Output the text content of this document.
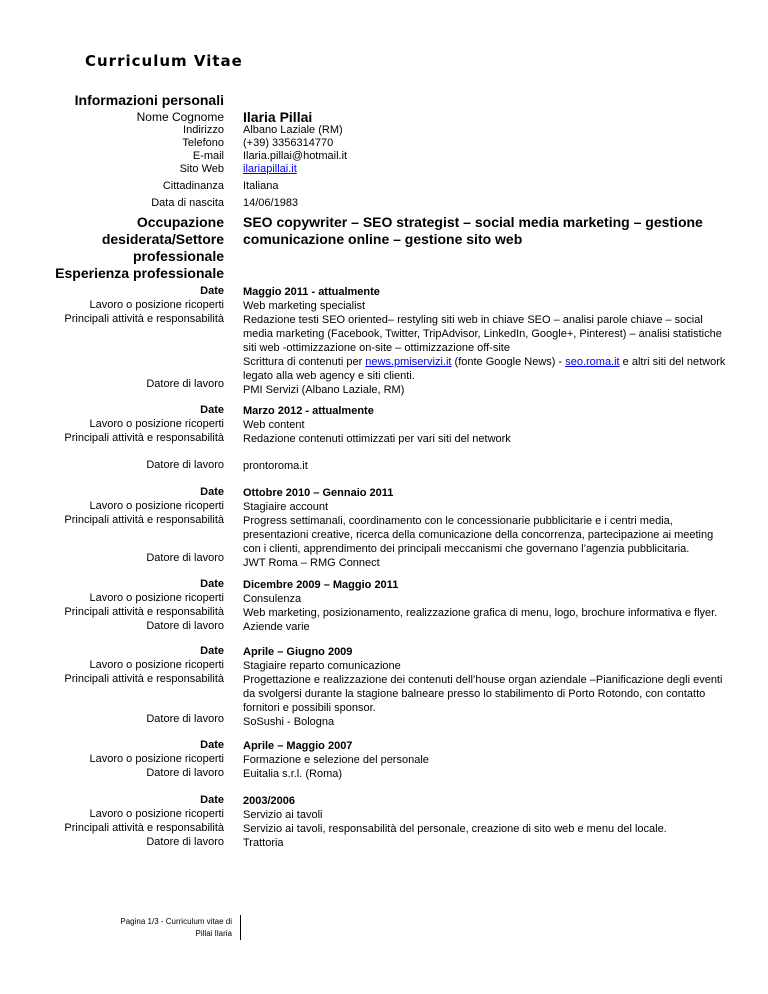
Curriculum Vitae
Informazioni personali
Nome Cognome Ilaria Pillai
Indirizzo Albano Laziale (RM)
Telefono (+39) 3356314770
E-mail Ilaria.pillai@hotmail.it
Sito Web ilariapillai.it
Cittadinanza Italiana
Data di nascita 14/06/1983
Occupazione
desiderata/Settore
professionale
SEO copywriter – SEO strategist – social media marketing – gestione
comunicazione online – gestione sito web
Esperienza professionale
Date
Lavoro o posizione ricoperti
Principali attività e responsabilità
Datore di lavoro
Maggio 2011 - attualmente
Web marketing specialist
Redazione testi SEO oriented– restyling siti web in chiave SEO – analisi parole chiave – social
media marketing (Facebook, Twitter, TripAdvisor, LinkedIn, Google+, Pinterest) – analisi statistiche
siti web -ottimizzazione on-site – ottimizzazione off-site
Scrittura di contenuti per news.pmiservizi.it (fonte Google News) - seo.roma.it e altri siti del network
legato alla web agency e siti clienti.
PMI Servizi (Albano Laziale, RM)
Date
Lavoro o posizione ricoperti
Principali attività e responsabilità
Datore di lavoro
Marzo 2012 - attualmente
Web content
Redazione contenuti ottimizzati per vari siti del network
prontoroma.it
Date
Lavoro o posizione ricoperti
Principali attività e responsabilità
Datore di lavoro
Ottobre 2010 – Gennaio 2011
Stagiaire account
Progress settimanali, coordinamento con le concessionarie pubblicitarie e i centri media,
presentazioni creative, ricerca della comunicazione della concorrenza, partecipazione ai meeting
con i clienti, apprendimento dei principali meccanismi che governano l’agenzia pubblicitaria.
JWT Roma – RMG Connect
Date
Lavoro o posizione ricoperti
Principali attività e responsabilità
Datore di lavoro
Dicembre 2009 – Maggio 2011
Consulenza
Web marketing, posizionamento, realizzazione grafica di menu, logo, brochure informativa e flyer.
Aziende varie
Date
Lavoro o posizione ricoperti
Principali attività e responsabilità
Datore di lavoro
Aprile – Giugno 2009
Stagiaire reparto comunicazione
Progettazione e realizzazione dei contenuti dell’house organ aziendale –Pianificazione degli eventi
da svolgersi durante la stagione balneare presso lo stabilimento di Porto Rotondo, con contatto
fornitori e possibili sponsor.
SoSushi - Bologna
Date
Lavoro o posizione ricoperti
Datore di lavoro
Aprile – Maggio 2007
Formazione e selezione del personale
Euitalia s.r.l. (Roma)
Date
Lavoro o posizione ricoperti
Principali attività e responsabilità
Datore di lavoro
2003/2006
Servizio ai tavoli
Servizio ai tavoli, responsabilità del personale, creazione di sito web e menu del locale.
Trattoria
Pagina 1/3 - Curriculum vitae di
Pillai Ilaria
